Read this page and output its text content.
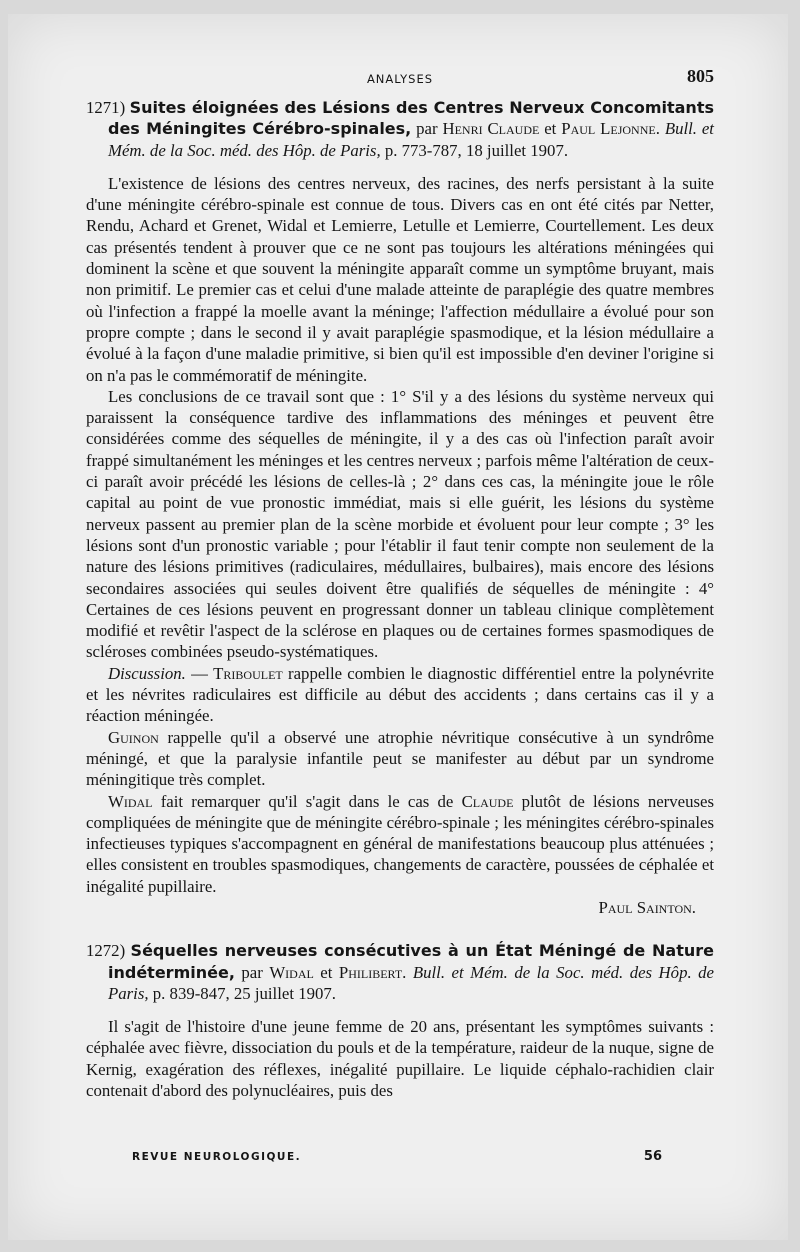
ANALYSES	805

1271) Suites éloignées des Lésions des Centres Nerveux Concomitants des Méningites Cérébro-spinales, par Henri Claude et Paul Lejonne. Bull. et Mém. de la Soc. méd. des Hôp. de Paris, p. 773-787, 18 juillet 1907.

L'existence de lésions des centres nerveux, des racines, des nerfs persistant à la suite d'une méningite cérébro-spinale est connue de tous. Divers cas en ont été cités par Netter, Rendu, Achard et Grenet, Widal et Lemierre, Letulle et Lemierre, Courtellement. Les deux cas présentés tendent à prouver que ce ne sont pas toujours les altérations méningées qui dominent la scène et que souvent la méningite apparaît comme un symptôme bruyant, mais non primitif. Le premier cas et celui d'une malade atteinte de paraplégie des quatre membres où l'infection a frappé la moelle avant la méninge; l'affection médullaire a évolué pour son propre compte ; dans le second il y avait paraplégie spasmodique, et la lésion médullaire a évolué à la façon d'une maladie primitive, si bien qu'il est impossible d'en deviner l'origine si on n'a pas le commémoratif de méningite.

Les conclusions de ce travail sont que : 1° S'il y a des lésions du système nerveux qui paraissent la conséquence tardive des inflammations des méninges et peuvent être considérées comme des séquelles de méningite, il y a des cas où l'infection paraît avoir frappé simultanément les méninges et les centres nerveux ; parfois même l'altération de ceux-ci paraît avoir précédé les lésions de celles-là ; 2° dans ces cas, la méningite joue le rôle capital au point de vue pronostic immédiat, mais si elle guérit, les lésions du système nerveux passent au premier plan de la scène morbide et évoluent pour leur compte ; 3° les lésions sont d'un pronostic variable ; pour l'établir il faut tenir compte non seulement de la nature des lésions primitives (radiculaires, médullaires, bulbaires), mais encore des lésions secondaires associées qui seules doivent être qualifiés de séquelles de méningite : 4° Certaines de ces lésions peuvent en progressant donner un tableau clinique complètement modifié et revêtir l'aspect de la sclérose en plaques ou de certaines formes spasmodiques de scléroses combinées pseudo-systématiques.

Discussion. — Triboulet rappelle combien le diagnostic différentiel entre la polynévrite et les névrites radiculaires est difficile au début des accidents ; dans certains cas il y a réaction méningée.

Guinon rappelle qu'il a observé une atrophie névritique consécutive à un syndrôme méningé, et que la paralysie infantile peut se manifester au début par un syndrome méningitique très complet.

Widal fait remarquer qu'il s'agit dans le cas de Claude plutôt de lésions nerveuses compliquées de méningite que de méningite cérébro-spinale ; les méningites cérébro-spinales infectieuses typiques s'accompagnent en général de manifestations beaucoup plus atténuées ; elles consistent en troubles spasmodiques, changements de caractère, poussées de céphalée et inégalité pupillaire.

Paul Sainton.

1272) Séquelles nerveuses consécutives à un État Méningé de Nature indéterminée, par Widal et Philibert. Bull. et Mém. de la Soc. méd. des Hôp. de Paris, p. 839-847, 25 juillet 1907.

Il s'agit de l'histoire d'une jeune femme de 20 ans, présentant les symptômes suivants : céphalée avec fièvre, dissociation du pouls et de la température, raideur de la nuque, signe de Kernig, exagération des réflexes, inégalité pupillaire. Le liquide céphalo-rachidien clair contenait d'abord des polynucléaires, puis des

REVUE NEUROLOGIQUE.	56
